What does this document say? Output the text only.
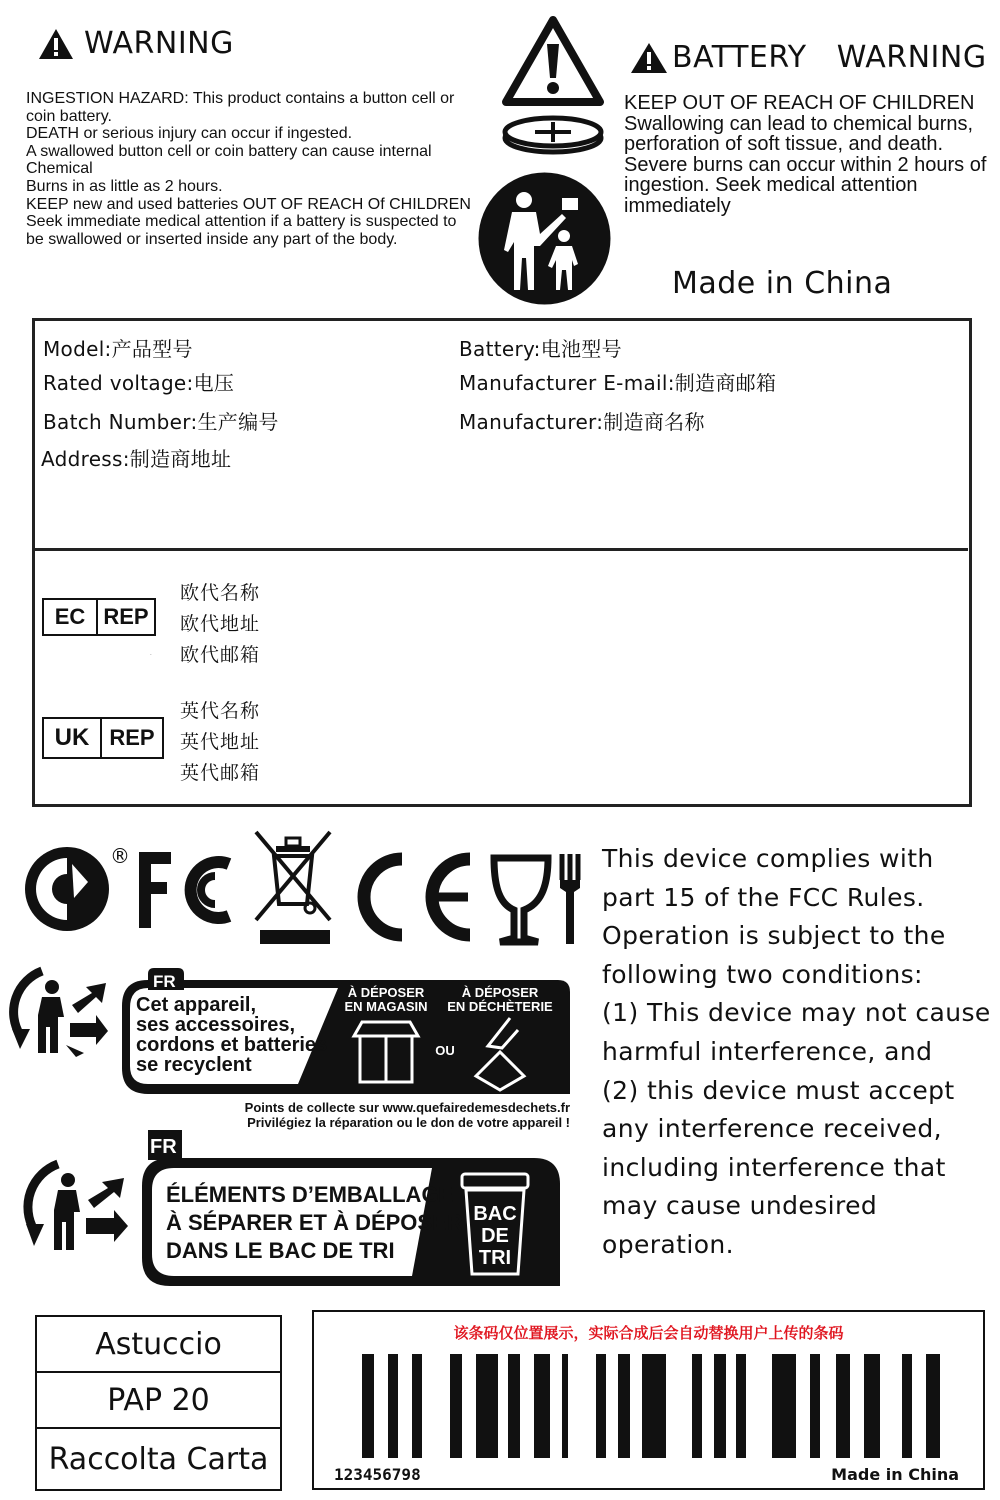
WARNING
INGESTION HAZARD: This product contains a button cell or coin battery.
DEATH or serious injury can occur if ingested.
A swallowed button cell or coin battery can cause internal Chemical
Burns in as little as 2 hours.
KEEP new and used batteries OUT OF REACH Of CHILDREN
Seek immediate medical attention if a battery is suspected to be swallowed or inserted inside any part of the body.
BATTERY   WARNING
KEEP OUT OF REACH OF CHILDREN
Swallowing can lead to chemical burns, perforation of soft tissue, and death. Severe burns can occur within 2 hours of ingestion. Seek medical attention immediately
Made in China
Model:产品型号	Battery:电池型号
Rated voltage:电压	Manufacturer E-mail:制造商邮箱
Batch Number:生产编号	Manufacturer:制造商名称
Address:制造商地址
EC REP
欧代名称
欧代地址
欧代邮箱
UK REP
英代名称
英代地址
英代邮箱
®
CE
This device complies with part 15 of the FCC Rules.
Operation is subject to the following two conditions:
(1) This device may not cause harmful interference, and
(2) this device must accept any interference received, including interference that may cause undesired operation.
FR
Cet appareil,
ses accessoires,
cordons et batteries
se recyclent
À DÉPOSER
EN MAGASIN
À DÉPOSER
EN DÉCHÈTERIE
OU
Points de collecte sur www.quefairedemesdechets.fr
Privilégiez la réparation ou le don de votre appareil !
FR
ÉLÉMENTS D’EMBALLAGE
À SÉPARER ET À DÉPOSER
DANS LE BAC DE TRI
BAC
DE
TRI
Astuccio
PAP 20
Raccolta Carta
该条码仅位置展示，实际合成后会自动替换用户上传的条码
123456798	Made in China
